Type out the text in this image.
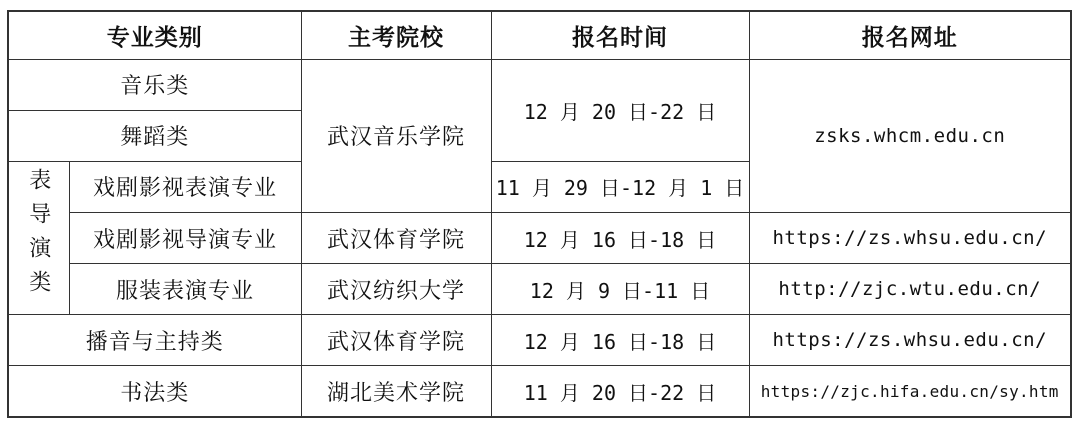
专业类别		主考院校	报名时间	报名网址
音乐类		武汉音乐学院	12 月 20 日-22 日	zsks.whcm.edu.cn
舞蹈类				
表导演类	戏剧影视表演专业		11 月 29 日-12 月 1 日	
	戏剧影视导演专业	武汉体育学院	12 月 16 日-18 日	https://zs.whsu.edu.cn/
	服装表演专业	武汉纺织大学	12 月 9 日-11 日	http://zjc.wtu.edu.cn/
播音与主持类		武汉体育学院	12 月 16 日-18 日	https://zs.whsu.edu.cn/
书法类		湖北美术学院	11 月 20 日-22 日	https://zjc.hifa.edu.cn/sy.htm
